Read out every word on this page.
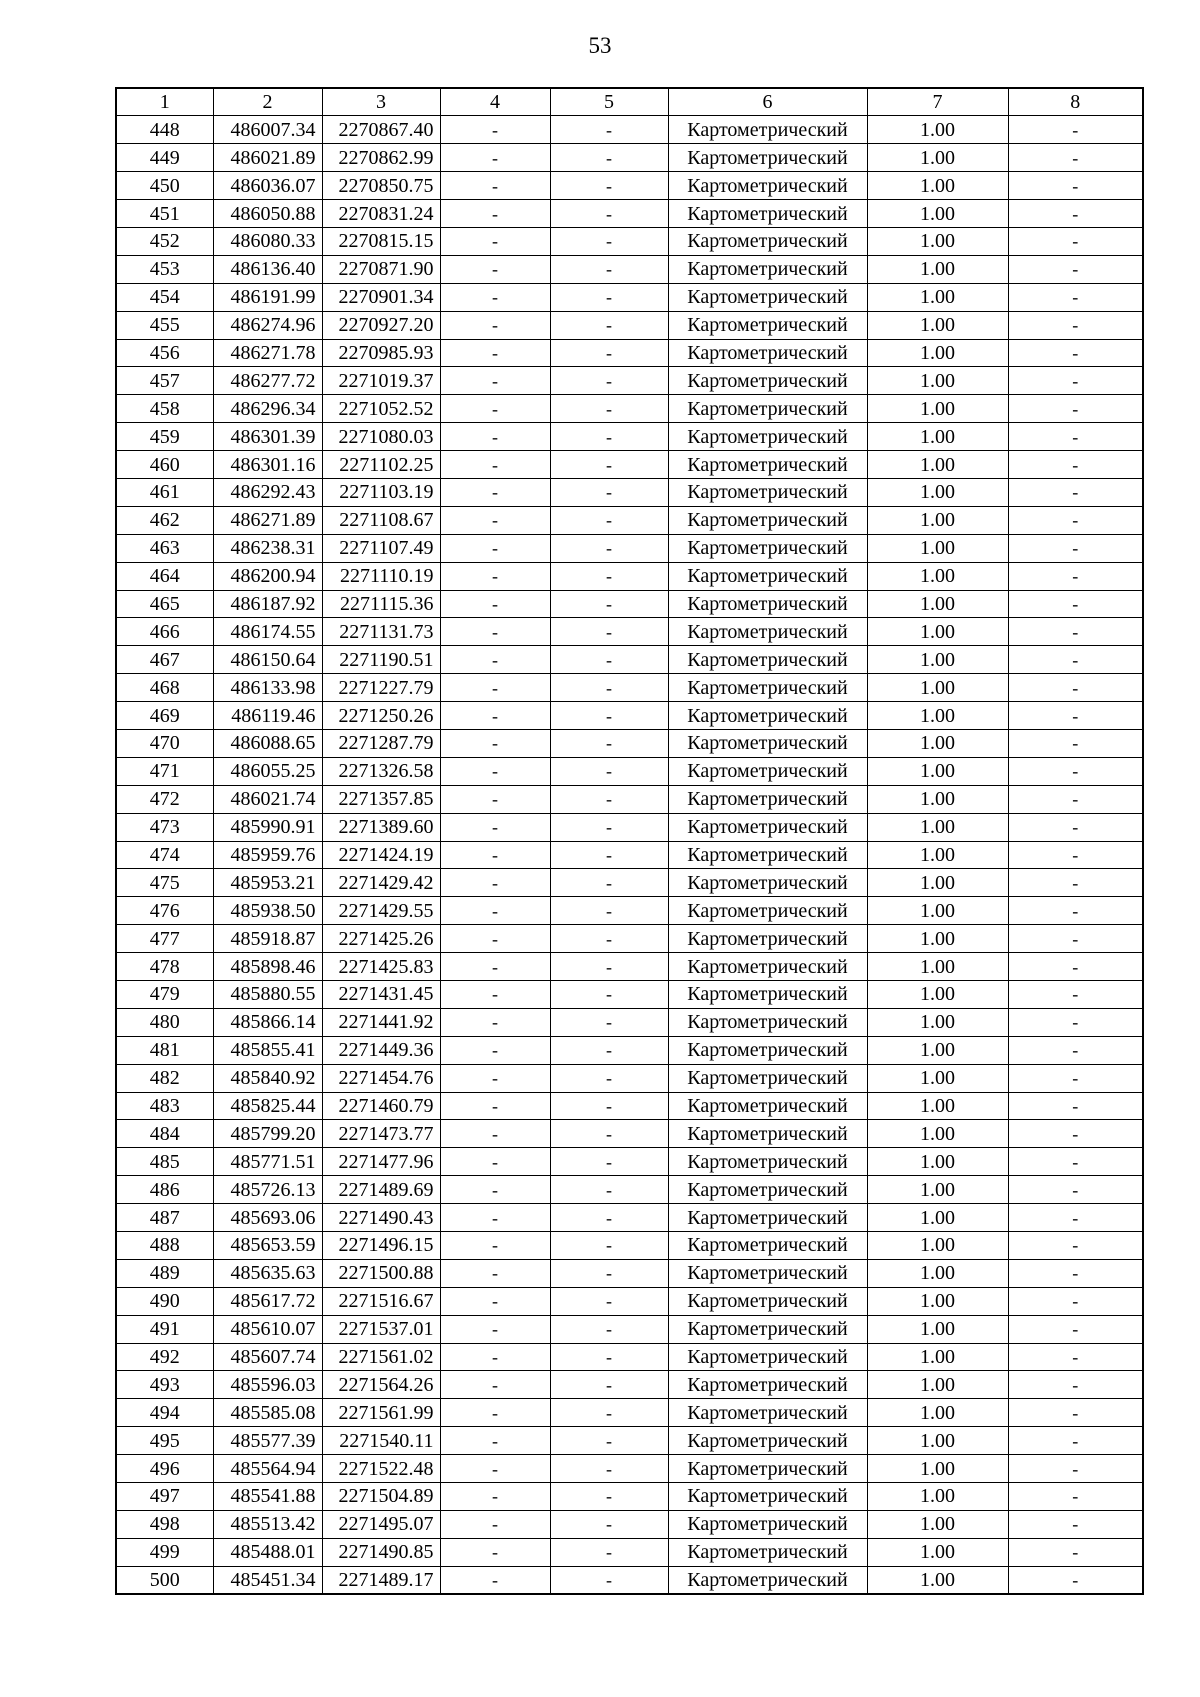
53
1	2	3	4	5	6	7	8
448	486007.34	2270867.40	-	-	Картометрический	1.00	-
449	486021.89	2270862.99	-	-	Картометрический	1.00	-
450	486036.07	2270850.75	-	-	Картометрический	1.00	-
451	486050.88	2270831.24	-	-	Картометрический	1.00	-
452	486080.33	2270815.15	-	-	Картометрический	1.00	-
453	486136.40	2270871.90	-	-	Картометрический	1.00	-
454	486191.99	2270901.34	-	-	Картометрический	1.00	-
455	486274.96	2270927.20	-	-	Картометрический	1.00	-
456	486271.78	2270985.93	-	-	Картометрический	1.00	-
457	486277.72	2271019.37	-	-	Картометрический	1.00	-
458	486296.34	2271052.52	-	-	Картометрический	1.00	-
459	486301.39	2271080.03	-	-	Картометрический	1.00	-
460	486301.16	2271102.25	-	-	Картометрический	1.00	-
461	486292.43	2271103.19	-	-	Картометрический	1.00	-
462	486271.89	2271108.67	-	-	Картометрический	1.00	-
463	486238.31	2271107.49	-	-	Картометрический	1.00	-
464	486200.94	2271110.19	-	-	Картометрический	1.00	-
465	486187.92	2271115.36	-	-	Картометрический	1.00	-
466	486174.55	2271131.73	-	-	Картометрический	1.00	-
467	486150.64	2271190.51	-	-	Картометрический	1.00	-
468	486133.98	2271227.79	-	-	Картометрический	1.00	-
469	486119.46	2271250.26	-	-	Картометрический	1.00	-
470	486088.65	2271287.79	-	-	Картометрический	1.00	-
471	486055.25	2271326.58	-	-	Картометрический	1.00	-
472	486021.74	2271357.85	-	-	Картометрический	1.00	-
473	485990.91	2271389.60	-	-	Картометрический	1.00	-
474	485959.76	2271424.19	-	-	Картометрический	1.00	-
475	485953.21	2271429.42	-	-	Картометрический	1.00	-
476	485938.50	2271429.55	-	-	Картометрический	1.00	-
477	485918.87	2271425.26	-	-	Картометрический	1.00	-
478	485898.46	2271425.83	-	-	Картометрический	1.00	-
479	485880.55	2271431.45	-	-	Картометрический	1.00	-
480	485866.14	2271441.92	-	-	Картометрический	1.00	-
481	485855.41	2271449.36	-	-	Картометрический	1.00	-
482	485840.92	2271454.76	-	-	Картометрический	1.00	-
483	485825.44	2271460.79	-	-	Картометрический	1.00	-
484	485799.20	2271473.77	-	-	Картометрический	1.00	-
485	485771.51	2271477.96	-	-	Картометрический	1.00	-
486	485726.13	2271489.69	-	-	Картометрический	1.00	-
487	485693.06	2271490.43	-	-	Картометрический	1.00	-
488	485653.59	2271496.15	-	-	Картометрический	1.00	-
489	485635.63	2271500.88	-	-	Картометрический	1.00	-
490	485617.72	2271516.67	-	-	Картометрический	1.00	-
491	485610.07	2271537.01	-	-	Картометрический	1.00	-
492	485607.74	2271561.02	-	-	Картометрический	1.00	-
493	485596.03	2271564.26	-	-	Картометрический	1.00	-
494	485585.08	2271561.99	-	-	Картометрический	1.00	-
495	485577.39	2271540.11	-	-	Картометрический	1.00	-
496	485564.94	2271522.48	-	-	Картометрический	1.00	-
497	485541.88	2271504.89	-	-	Картометрический	1.00	-
498	485513.42	2271495.07	-	-	Картометрический	1.00	-
499	485488.01	2271490.85	-	-	Картометрический	1.00	-
500	485451.34	2271489.17	-	-	Картометрический	1.00	-
